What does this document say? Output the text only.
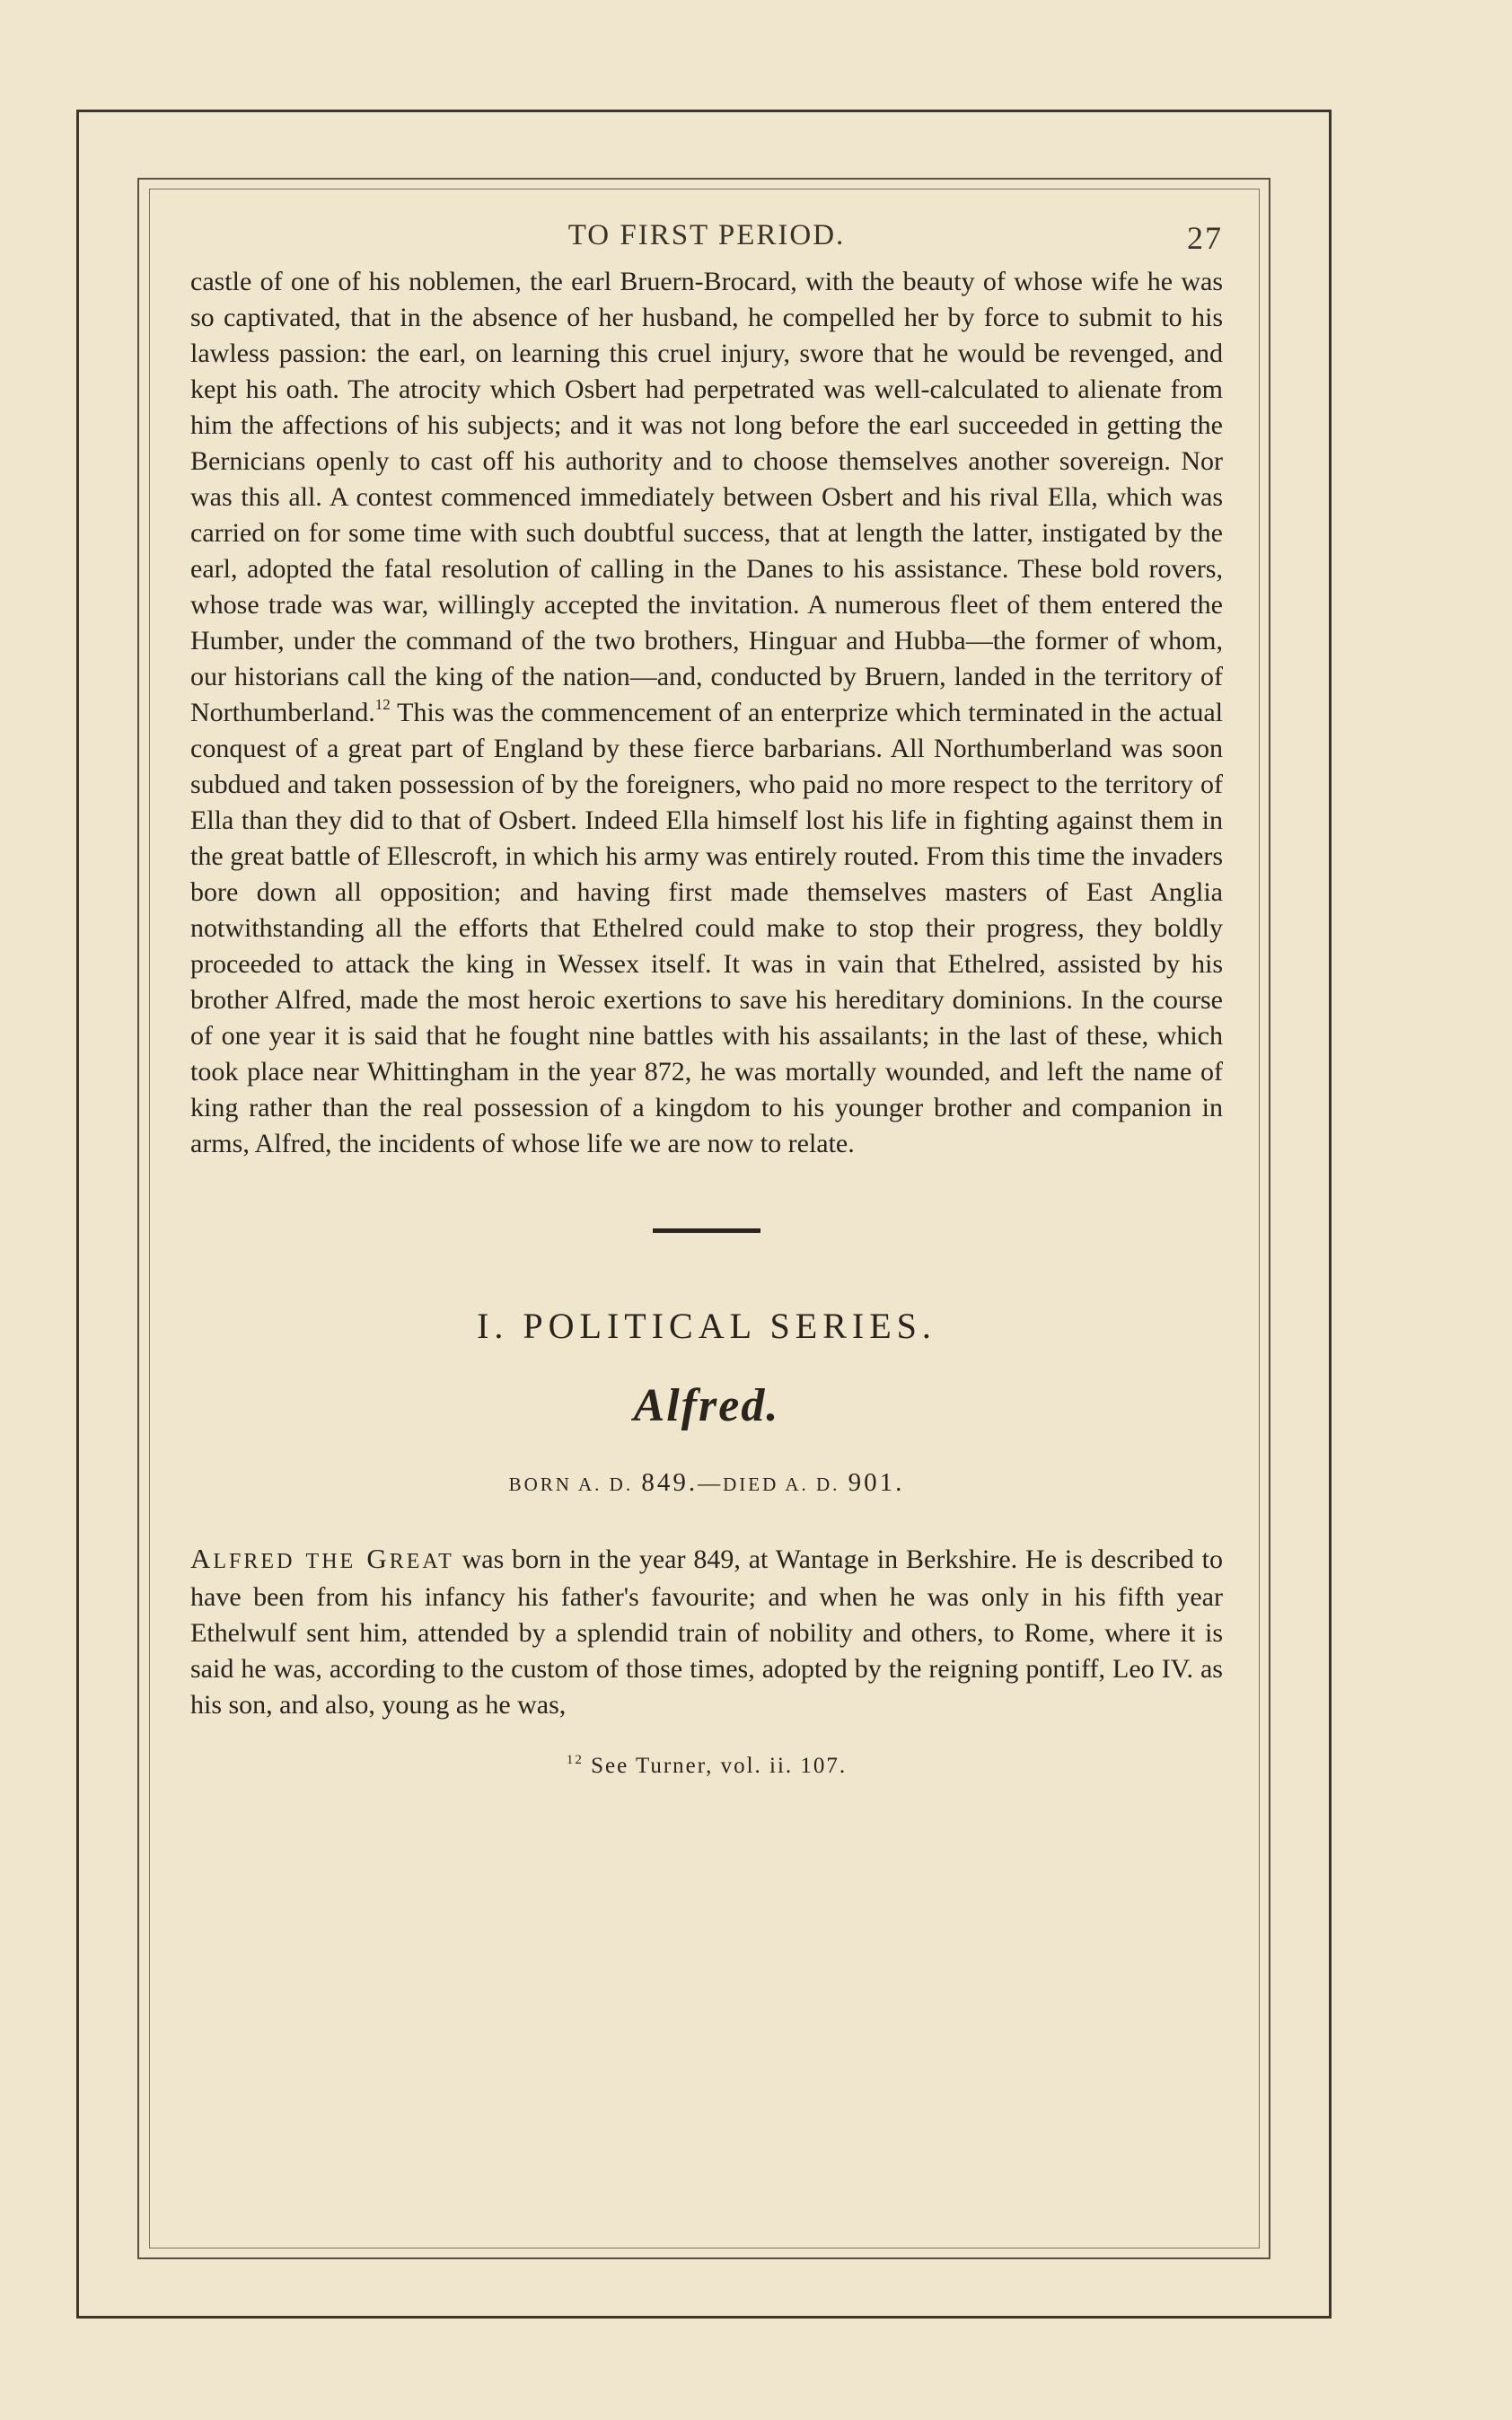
TO FIRST PERIOD.	27

castle of one of his noblemen, the earl Bruern-Brocard, with the beauty of whose wife he was so captivated, that in the absence of her husband, he compelled her by force to submit to his lawless passion: the earl, on learning this cruel injury, swore that he would be revenged, and kept his oath. The atrocity which Osbert had perpetrated was well-calculated to alienate from him the affections of his subjects; and it was not long before the earl succeeded in getting the Bernicians openly to cast off his authority and to choose themselves another sovereign. Nor was this all. A contest commenced immediately between Osbert and his rival Ella, which was carried on for some time with such doubtful success, that at length the latter, instigated by the earl, adopted the fatal resolution of calling in the Danes to his assistance. These bold rovers, whose trade was war, willingly accepted the invitation. A numerous fleet of them entered the Humber, under the command of the two brothers, Hinguar and Hubba—the former of whom, our historians call the king of the nation—and, conducted by Bruern, landed in the territory of Northumberland.$^{12}$ This was the commencement of an enterprize which terminated in the actual conquest of a great part of England by these fierce barbarians. All Northumberland was soon subdued and taken possession of by the foreigners, who paid no more respect to the territory of Ella than they did to that of Osbert. Indeed Ella himself lost his life in fighting against them in the great battle of Ellescroft, in which his army was entirely routed. From this time the invaders bore down all opposition; and having first made themselves masters of East Anglia notwithstanding all the efforts that Ethelred could make to stop their progress, they boldly proceeded to attack the king in Wessex itself. It was in vain that Ethelred, assisted by his brother Alfred, made the most heroic exertions to save his hereditary dominions. In the course of one year it is said that he fought nine battles with his assailants; in the last of these, which took place near Whittingham in the year 872, he was mortally wounded, and left the name of king rather than the real possession of a kingdom to his younger brother and companion in arms, Alfred, the incidents of whose life we are now to relate.

I. POLITICAL SERIES.
Alfred.
BORN A. D. 849.—DIED A. D. 901.

ALFRED THE GREAT was born in the year 849, at Wantage in Berkshire. He is described to have been from his infancy his father's favourite; and when he was only in his fifth year Ethelwulf sent him, attended by a splendid train of nobility and others, to Rome, where it is said he was, according to the custom of those times, adopted by the reigning pontiff, Leo IV. as his son, and also, young as he was,

$^{12}$ See Turner, vol. ii. 107.
